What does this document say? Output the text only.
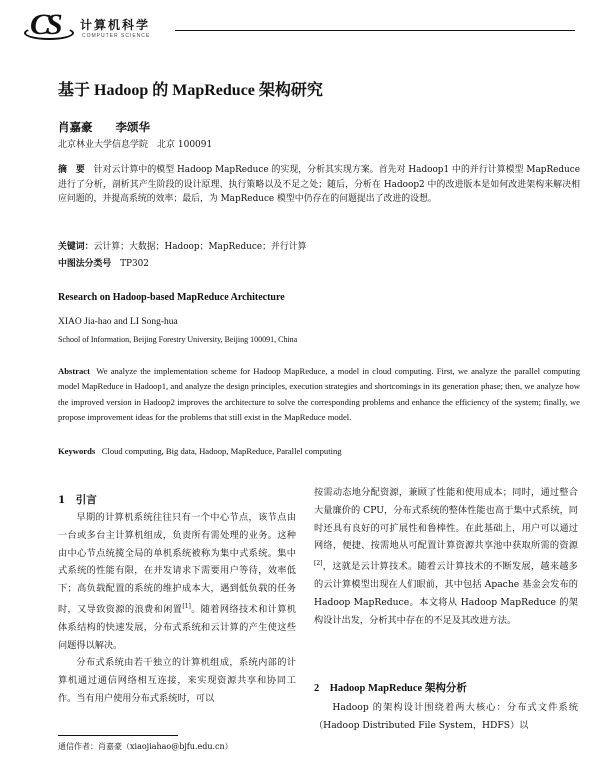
CS 计算机科学
COMPUTER SCIENCE
基于 Hadoop 的 MapReduce 架构研究
肖嘉豪　　李颂华
北京林业大学信息学院　北京 100091
摘　要　 针对云计算中的模型 Hadoop MapReduce 的实现，分析其实现方案。首先对 Hadoop1 中的并行计算模型 MapReduce 进行了分析，剖析其产生阶段的设计原理、执行策略以及不足之处；随后，分析在 Hadoop2 中的改进版本是如何改进架构来解决相应问题的，并提高系统的效率；最后，为 MapReduce 模型中仍存在的问题提出了改进的设想。
关键词：云计算；大数据；Hadoop；MapReduce；并行计算
中图法分类号　 TP302
Research on Hadoop-based MapReduce Architecture
XIAO Jia-hao and LI Song-hua
School of Information, Beijing Forestry University, Beijing 100091, China
Abstract We analyze the implementation scheme for Hadoop MapReduce, a model in cloud computing. First, we analyze the parallel computing model MapReduce in Hadoop1, and analyze the design principles, execution strategies and shortcomings in its generation phase; then, we analyze how the improved version in Hadoop2 improves the architecture to solve the corresponding problems and enhance the efficiency of the system; finally, we propose improvement ideas for the problems that still exist in the MapReduce model.
Keywords Cloud computing, Big data, Hadoop, MapReduce, Parallel computing
1　引言
早期的计算机系统往往只有一个中心节点，该节点由一台或多台主计算机组成，负责所有需处理的业务。这种由中心节点统揽全局的单机系统被称为集中式系统。集中式系统的性能有限，在并发请求下需要用户等待，效率低下；高负载配置的系统的维护成本大，遇到低负载的任务时，又导致资源的浪费和闲置[1]。随着网络技术和计算机体系结构的快速发展，分布式系统和云计算的产生使这些问题得以解决。
分布式系统由若干独立的计算机组成，系统内部的计算机通过通信网络相互连接，来实现资源共享和协同工作。当有用户使用分布式系统时，可以
按需动态地分配资源，兼顾了性能和使用成本；同时，通过整合大量廉价的 CPU，分布式系统的整体性能也高于集中式系统，同时还具有良好的可扩展性和鲁棒性。在此基础上，用户可以通过网络，便捷、按需地从可配置计算资源共享池中获取所需的资源[2]，这就是云计算技术。随着云计算技术的不断发展，越来越多的云计算模型出现在人们眼前，其中包括 Apache 基金会发布的 Hadoop MapReduce。本文将从 Hadoop MapReduce 的架构设计出发，分析其中存在的不足及其改进方法。
2　Hadoop MapReduce 架构分析
Hadoop 的架构设计围绕着两大核心：分布式文件系统（Hadoop Distributed File System，HDFS）以
通信作者：肖嘉豪（xiaojiahao@bjfu.edu.cn）
